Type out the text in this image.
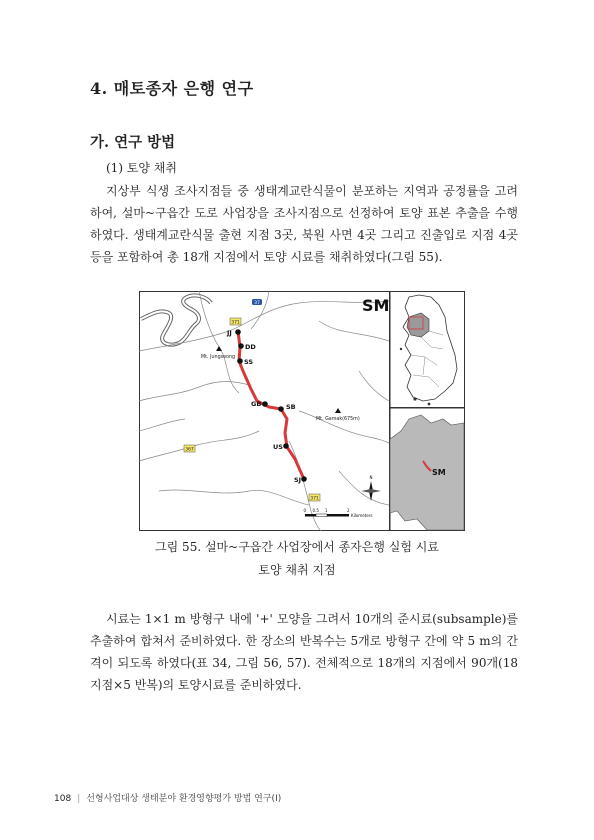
4. 매토종자 은행 연구
가. 연구 방법
(1) 토양 채취
지상부 식생 조사지점들 중 생태계교란식물이 분포하는 지역과 공정률을 고려하여, 설마~구읍간 도로 사업장을 조사지점으로 선정하여 토양 표본 추출을 수행하였다. 생태계교란식물 출현 지점 3곳, 북원 사면 4곳 그리고 진출입로 지점 4곳 등을 포함하여 총 18개 지점에서 토양 시료를 채취하였다(그림 55).
37
371
367
371
JJ
DD
SS
GB	SB
US
SJ
Mt. Jungseong
Mt. Gamak(675m)
SM
N
0 0.5 1	2
Kilometers
SM
그림 55. 설마~구읍간 사업장에서 종자은행 실험 시료
토양 채취 지점
시료는 1×1 m 방형구 내에 '+' 모양을 그려서 10개의 준시료(subsample)를 추출하여 합쳐서 준비하였다. 한 장소의 반복수는 5개로 방형구 간에 약 5 m의 간격이 되도록 하였다(표 34, 그림 56, 57). 전체적으로 18개의 지점에서 90개(18 지점×5 반복)의 토양시료를 준비하였다.
108 | 선형사업대상 생태분야 환경영향평가 방법 연구(Ⅰ)
